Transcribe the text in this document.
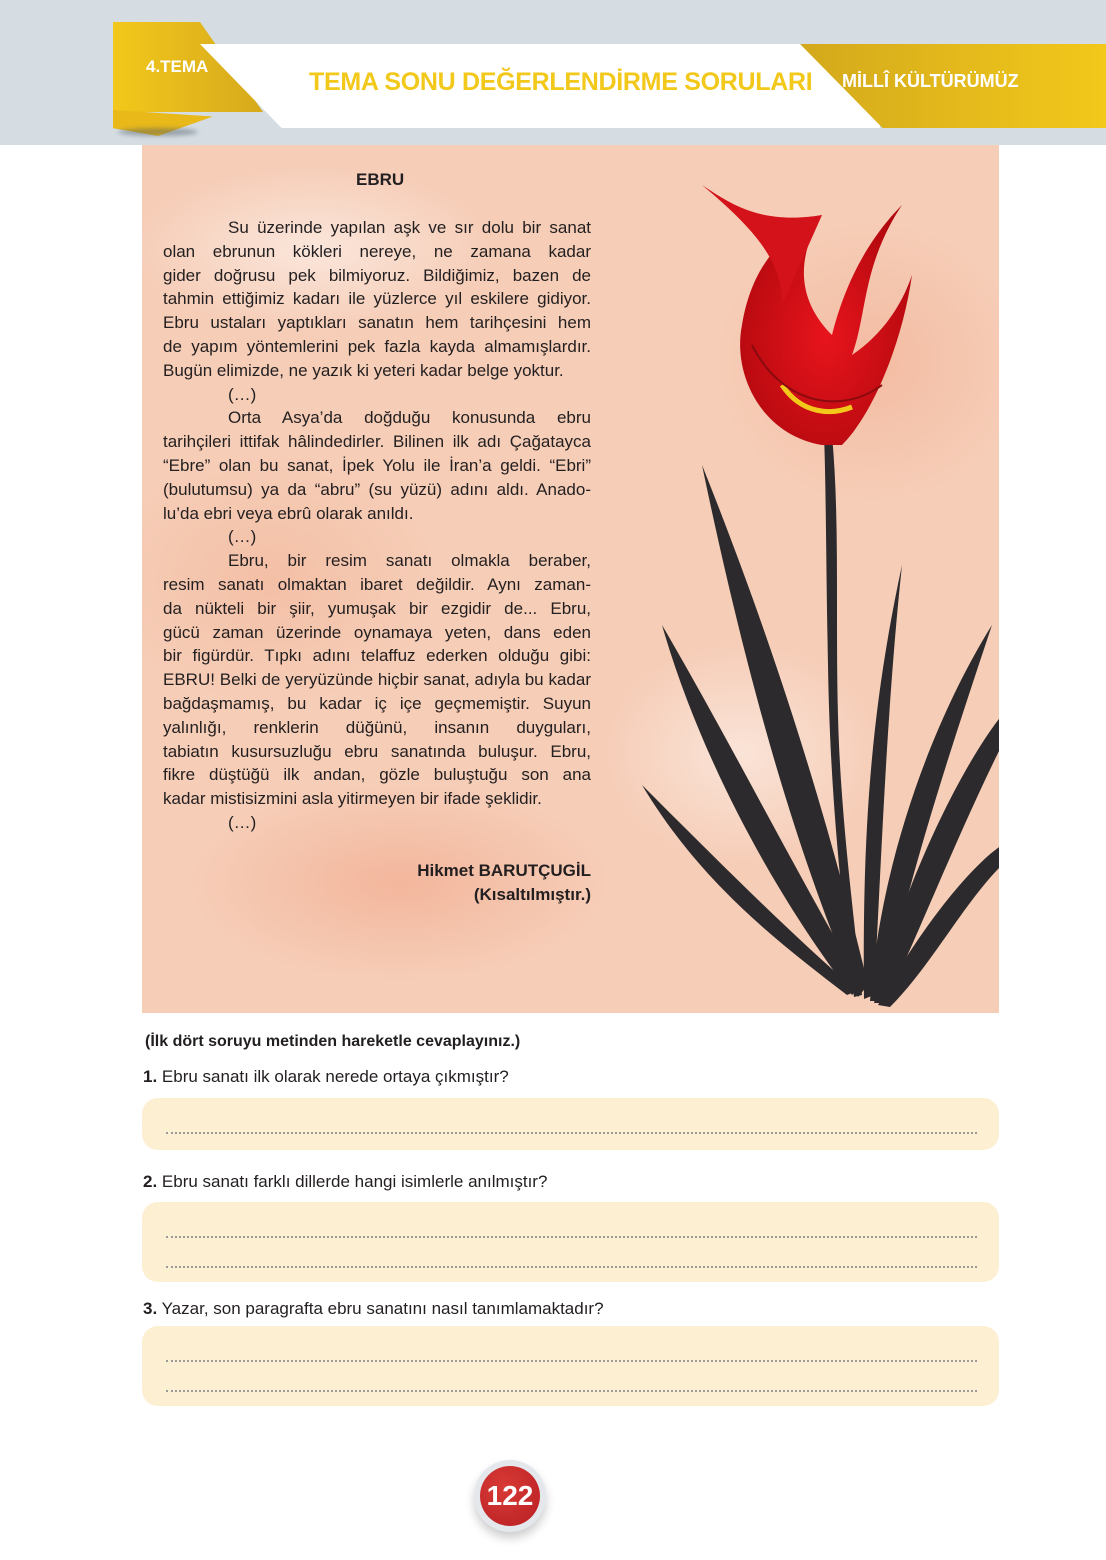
4.TEMA
TEMA SONU DEĞERLENDİRME SORULARI MİLLÎ KÜLTÜRÜMÜZ
EBRU
Su üzerinde yapılan aşk ve sır dolu bir sanat
olan ebrunun kökleri nereye, ne zamana kadar
gider doğrusu pek bilmiyoruz. Bildiğimiz, bazen de
tahmin ettiğimiz kadarı ile yüzlerce yıl eskilere gidiyor.
Ebru ustaları yaptıkları sanatın hem tarihçesini hem
de yapım yöntemlerini pek fazla kayda almamışlardır.
Bugün elimizde, ne yazık ki yeteri kadar belge yoktur.
(…)
Orta Asya’da doğduğu konusunda ebru
tarihçileri ittifak hâlindedirler. Bilinen ilk adı Çağatayca
“Ebre” olan bu sanat, İpek Yolu ile İran’a geldi. “Ebri”
(bulutumsu) ya da “abru” (su yüzü) adını aldı. Anado-
lu’da ebri veya ebrû olarak anıldı.
(…)
Ebru, bir resim sanatı olmakla beraber,
resim sanatı olmaktan ibaret değildir. Aynı zaman-
da nükteli bir şiir, yumuşak bir ezgidir de... Ebru,
gücü zaman üzerinde oynamaya yeten, dans eden
bir figürdür. Tıpkı adını telaffuz ederken olduğu gibi:
EBRU! Belki de yeryüzünde hiçbir sanat, adıyla bu kadar
bağdaşmamış, bu kadar iç içe geçmemiştir. Suyun
yalınlığı, renklerin düğünü, insanın duyguları,
tabiatın kusursuzluğu ebru sanatında buluşur. Ebru,
fikre düştüğü ilk andan, gözle buluştuğu son ana
kadar mistisizmini asla yitirmeyen bir ifade şeklidir.
(…)
Hikmet BARUTÇUGİL
(Kısaltılmıştır.)
(İlk dört soruyu metinden hareketle cevaplayınız.)
1. Ebru sanatı ilk olarak nerede ortaya çıkmıştır?
2. Ebru sanatı farklı dillerde hangi isimlerle anılmıştır?
3. Yazar, son paragrafta ebru sanatını nasıl tanımlamaktadır?
122
